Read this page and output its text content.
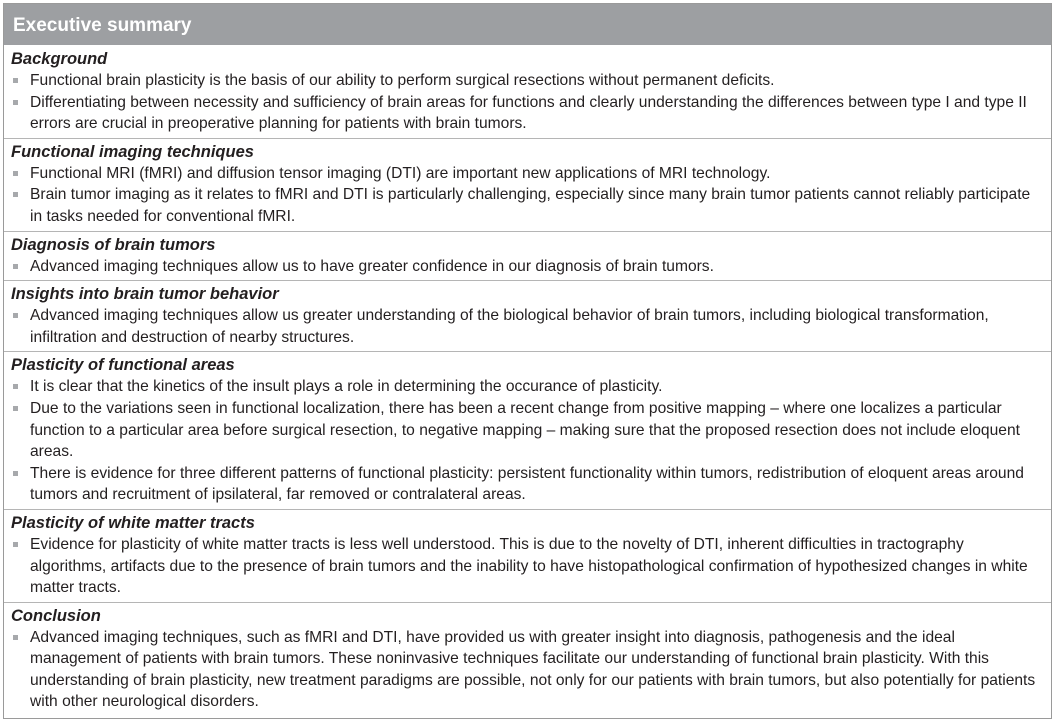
Executive summary
Background
Functional brain plasticity is the basis of our ability to perform surgical resections without permanent deficits.
Differentiating between necessity and sufficiency of brain areas for functions and clearly understanding the differences between type I and type II errors are crucial in preoperative planning for patients with brain tumors.
Functional imaging techniques
Functional MRI (fMRI) and diffusion tensor imaging (DTI) are important new applications of MRI technology.
Brain tumor imaging as it relates to fMRI and DTI is particularly challenging, especially since many brain tumor patients cannot reliably participate in tasks needed for conventional fMRI.
Diagnosis of brain tumors
Advanced imaging techniques allow us to have greater confidence in our diagnosis of brain tumors.
Insights into brain tumor behavior
Advanced imaging techniques allow us greater understanding of the biological behavior of brain tumors, including biological transformation, infiltration and destruction of nearby structures.
Plasticity of functional areas
It is clear that the kinetics of the insult plays a role in determining the occurance of plasticity.
Due to the variations seen in functional localization, there has been a recent change from positive mapping – where one localizes a particular function to a particular area before surgical resection, to negative mapping – making sure that the proposed resection does not include eloquent areas.
There is evidence for three different patterns of functional plasticity: persistent functionality within tumors, redistribution of eloquent areas around tumors and recruitment of ipsilateral, far removed or contralateral areas.
Plasticity of white matter tracts
Evidence for plasticity of white matter tracts is less well understood. This is due to the novelty of DTI, inherent difficulties in tractography algorithms, artifacts due to the presence of brain tumors and the inability to have histopathological confirmation of hypothesized changes in white matter tracts.
Conclusion
Advanced imaging techniques, such as fMRI and DTI, have provided us with greater insight into diagnosis, pathogenesis and the ideal management of patients with brain tumors. These noninvasive techniques facilitate our understanding of functional brain plasticity. With this understanding of brain plasticity, new treatment paradigms are possible, not only for our patients with brain tumors, but also potentially for patients with other neurological disorders.
